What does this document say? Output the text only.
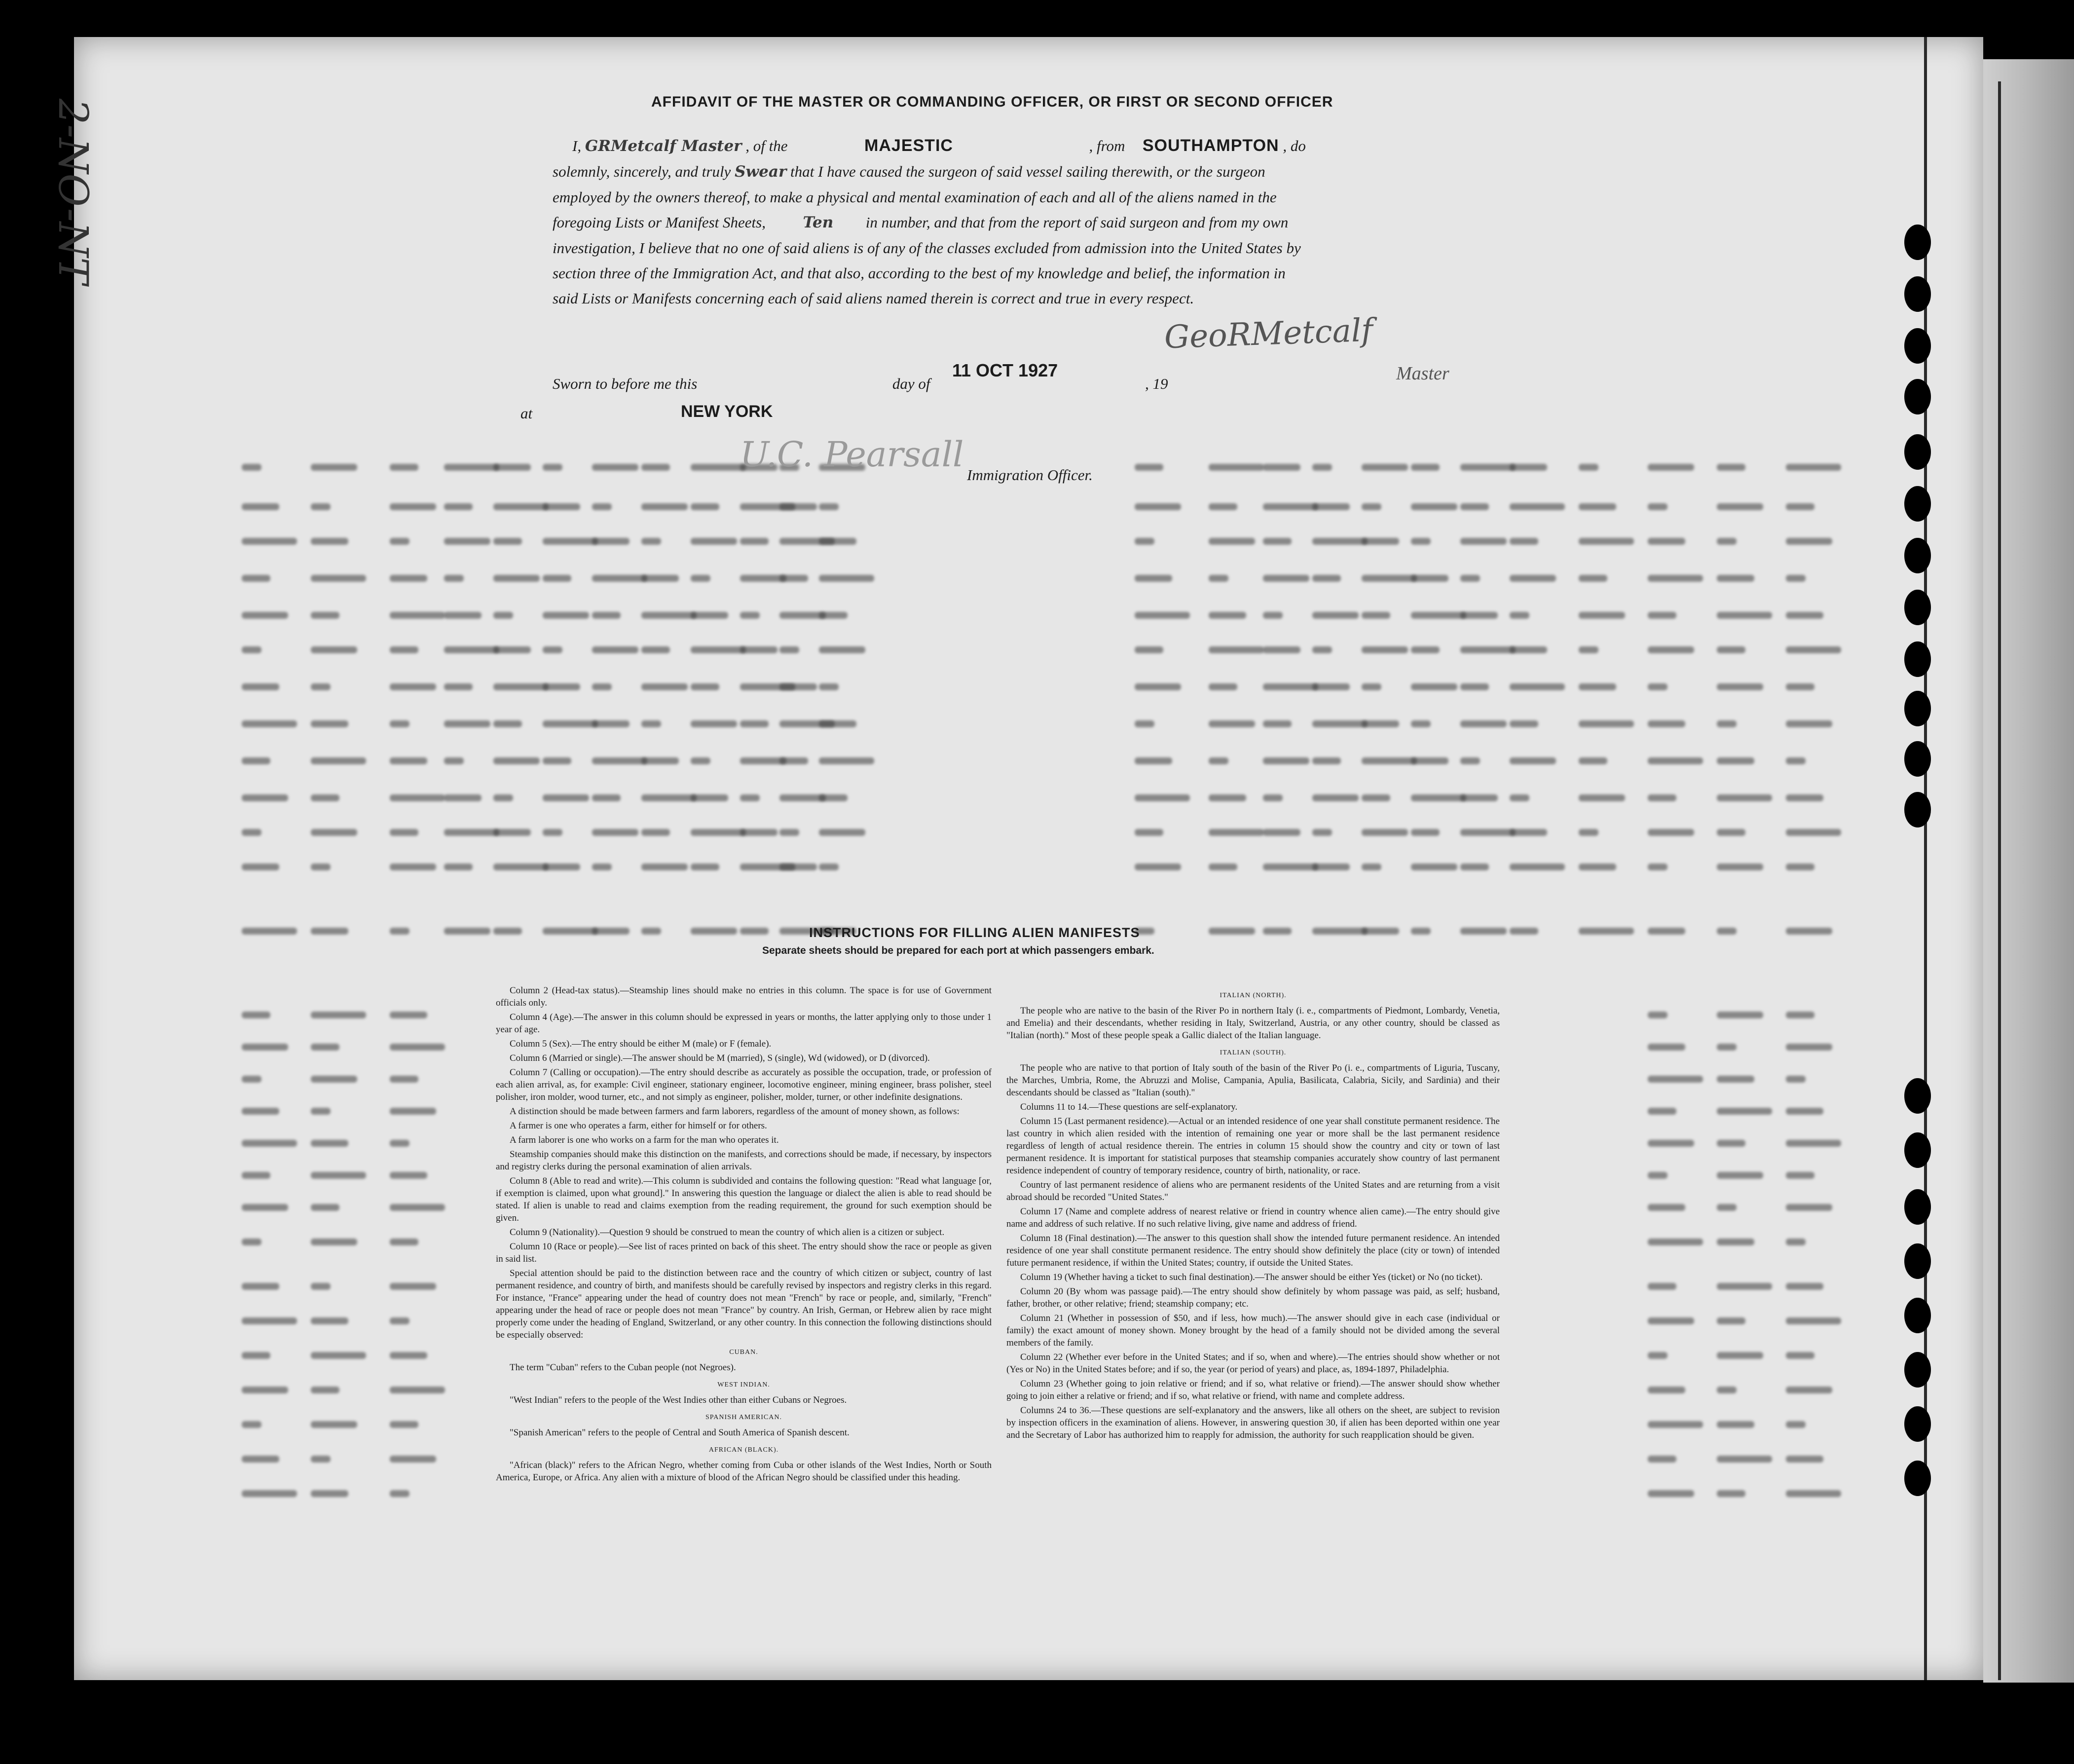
2-NO-NT	AFFIDAVIT OF THE MASTER OR COMMANDING OFFICER, OR FIRST OR SECOND OFFICER
I, GRMetcalf Master , of the	MAJESTIC	, from SOUTHAMPTON , do
solemnly, sincerely, and truly Swear that I have caused the surgeon of said vessel sailing therewith, or the surgeon
employed by the owners thereof, to make a physical and mental examination of each and all of the aliens named in the
foregoing Lists or Manifest Sheets, Ten in number, and that from the report of said surgeon and from my own
investigation, I believe that no one of said aliens is of any of the classes excluded from admission into the United States by
section three of the Immigration Act, and that also, according to the best of my knowledge and belief, the information in
said Lists or Manifests concerning each of said aliens named therein is correct and true in every respect.
GeoRMetcalf
Master
Sworn to before me this	day of	, 19
11 OCT 1927
at	NEW YORK
U.C. Pearsall
Immigration Officer.
INSTRUCTIONS FOR FILLING ALIEN MANIFESTS
Separate sheets should be prepared for each port at which passengers embark.

Column 2 (Head-tax status).—Steamship lines should make no entries in this column. The space is for use of Government officials only.

Column 4 (Age).—The answer in this column should be expressed in years or months, the latter applying only to those under 1 year of age.

Column 5 (Sex).—The entry should be either M (male) or F (female).

Column 6 (Married or single).—The answer should be M (married), S (single), Wd (widowed), or D (divorced).

Column 7 (Calling or occupation).—The entry should describe as accurately as possible the occupation, trade, or profession of each alien arrival, as, for example: Civil engineer, stationary engineer, locomotive engineer, mining engineer, brass polisher, steel polisher, iron molder, wood turner, etc., and not simply as engineer, polisher, molder, turner, or other indefinite designations.

A distinction should be made between farmers and farm laborers, regardless of the amount of money shown, as follows:

A farmer is one who operates a farm, either for himself or for others.

A farm laborer is one who works on a farm for the man who operates it.

Steamship companies should make this distinction on the manifests, and corrections should be made, if necessary, by inspectors and registry clerks during the personal examination of alien arrivals.

Column 8 (Able to read and write).—This column is subdivided and contains the following question: "Read what language [or, if exemption is claimed, upon what ground]." In answering this question the language or dialect the alien is able to read should be stated. If alien is unable to read and claims exemption from the reading requirement, the ground for such exemption should be given.

Column 9 (Nationality).—Question 9 should be construed to mean the country of which alien is a citizen or subject.

Column 10 (Race or people).—See list of races printed on back of this sheet. The entry should show the race or people as given in said list.

Special attention should be paid to the distinction between race and the country of which citizen or subject, country of last permanent residence, and country of birth, and manifests should be carefully revised by inspectors and registry clerks in this regard. For instance, "France" appearing under the head of country does not mean "French" by race or people, and, similarly, "French" appearing under the head of race or people does not mean "France" by country. An Irish, German, or Hebrew alien by race might properly come under the heading of England, Switzerland, or any other country. In this connection the following distinctions should be especially observed:

CUBAN.

The term "Cuban" refers to the Cuban people (not Negroes).

WEST INDIAN.

"West Indian" refers to the people of the West Indies other than either Cubans or Negroes.

SPANISH AMERICAN.

"Spanish American" refers to the people of Central and South America of Spanish descent.

AFRICAN (BLACK).

"African (black)" refers to the African Negro, whether coming from Cuba or other islands of the West Indies, North or South America, Europe, or Africa. Any alien with a mixture of blood of the African Negro should be classified under this heading.

ITALIAN (NORTH).

The people who are native to the basin of the River Po in northern Italy (i. e., compartments of Piedmont, Lombardy, Venetia, and Emelia) and their descendants, whether residing in Italy, Switzerland, Austria, or any other country, should be classed as "Italian (north)." Most of these people speak a Gallic dialect of the Italian language.

ITALIAN (SOUTH).

The people who are native to that portion of Italy south of the basin of the River Po (i. e., compartments of Liguria, Tuscany, the Marches, Umbria, Rome, the Abruzzi and Molise, Campania, Apulia, Basilicata, Calabria, Sicily, and Sardinia) and their descendants should be classed as "Italian (south)."

Columns 11 to 14.—These questions are self-explanatory.

Column 15 (Last permanent residence).—Actual or an intended residence of one year shall constitute permanent residence. The last country in which alien resided with the intention of remaining one year or more shall be the last permanent residence regardless of length of actual residence therein. The entries in column 15 should show the country and city or town of last permanent residence. It is important for statistical purposes that steamship companies accurately show country of last permanent residence independent of country of temporary residence, country of birth, nationality, or race.

Country of last permanent residence of aliens who are permanent residents of the United States and are returning from a visit abroad should be recorded "United States."

Column 17 (Name and complete address of nearest relative or friend in country whence alien came).—The entry should give name and address of such relative. If no such relative living, give name and address of friend.

Column 18 (Final destination).—The answer to this question shall show the intended future permanent residence. An intended residence of one year shall constitute permanent residence. The entry should show definitely the place (city or town) of intended future permanent residence, if within the United States; country, if outside the United States.

Column 19 (Whether having a ticket to such final destination).—The answer should be either Yes (ticket) or No (no ticket).

Column 20 (By whom was passage paid).—The entry should show definitely by whom passage was paid, as self; husband, father, brother, or other relative; friend; steamship company; etc.

Column 21 (Whether in possession of $50, and if less, how much).—The answer should give in each case (individual or family) the exact amount of money shown. Money brought by the head of a family should not be divided among the several members of the family.

Column 22 (Whether ever before in the United States; and if so, when and where).—The entries should show whether or not (Yes or No) in the United States before; and if so, the year (or period of years) and place, as, 1894-1897, Philadelphia.

Column 23 (Whether going to join relative or friend; and if so, what relative or friend).—The answer should show whether going to join either a relative or friend; and if so, what relative or friend, with name and complete address.

Columns 24 to 36.—These questions are self-explanatory and the answers, like all others on the sheet, are subject to revision by inspection officers in the examination of aliens. However, in answering question 30, if alien has been deported within one year and the Secretary of Labor has authorized him to reapply for admission, the authority for such reapplication should be given.
